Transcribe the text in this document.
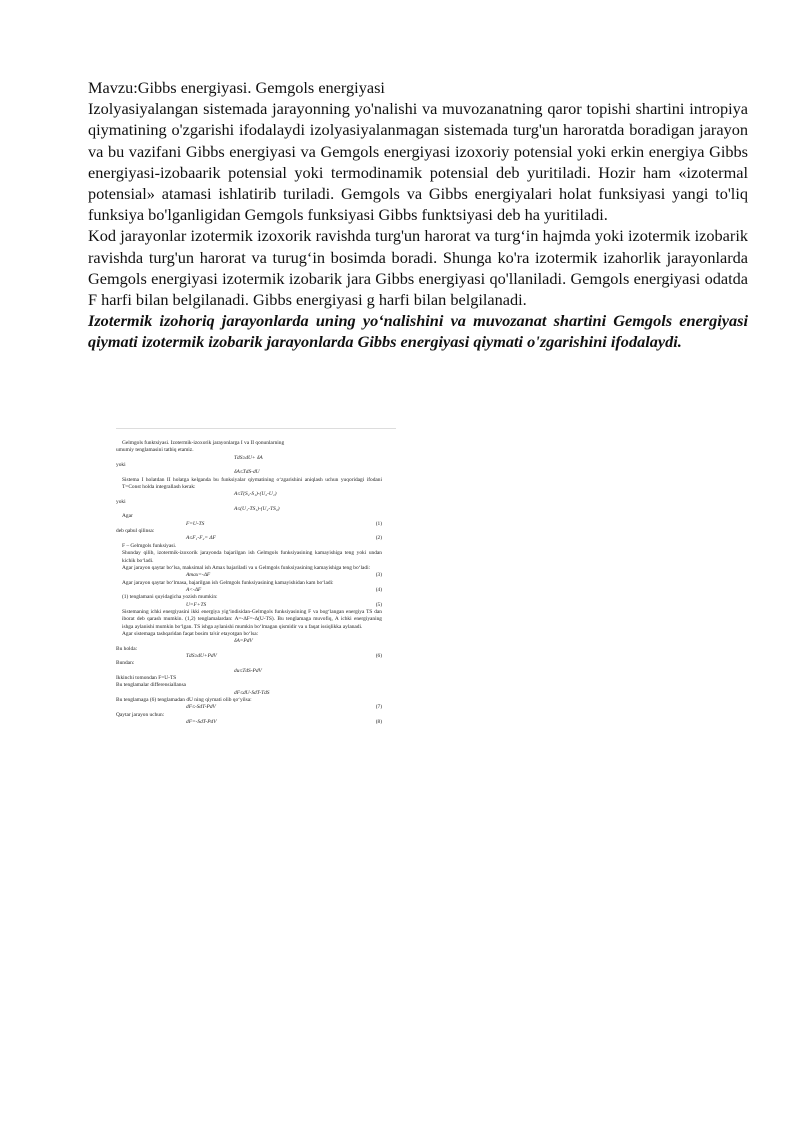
Mavzu:Gibbs energiyasi. Gemgols energiyasi

Izolyasiyalangan sistemada jarayonning yo'nalishi va muvozanatning qaror topishi shartini intropiya qiymatining o'zgarishi ifodalaydi izolyasiyalanmagan sistemada turg'un haroratda boradigan jarayon va bu vazifani Gibbs energiyasi va Gemgols energiyasi izoxoriy potensial yoki erkin energiya Gibbs energiyasi-izobaarik potensial yoki termodinamik potensial deb yuritiladi. Hozir ham «izotermal potensial» atamasi ishlatirib turiladi. Gemgols va Gibbs energiyalari holat funksiyasi yangi to'liq funksiya bo'lganligidan Gemgols funksiyasi Gibbs funktsiyasi deb ha yuritiladi.

Kod jarayonlar izotermik izoxorik ravishda turg'un harorat va turg‘in hajmda yoki izotermik izobarik ravishda turg'un harorat va turug‘in bosimda boradi. Shunga ko'ra izotermik izahorlik jarayonlarda Gemgols energiyasi izotermik izobarik jara Gibbs energiyasi qo'llaniladi. Gemgols energiyasi odatda F harfi bilan belgilanadi. Gibbs energiyasi g harfi bilan belgilanadi.

Izotermik izohoriq jarayonlarda uning yo‘nalishini va muvozanat shartini Gemgols energiyasi qiymati izotermik izobarik jarayonlarda Gibbs energiyasi qiymati o'zgarishini ifodalaydi.

Gelmgols funktsiyasi. Izotermik-izoxorik jarayonlarga I va II qonunlarning

umumiy tenglamasini tatbiq etamiz.

TdS≥dU+ δA

yoki

δA≤TdS-dU

Sistema I holatdan II holatga kelganda bu funksiyalar qiymatining o‘zgarishini aniqlash uchun yuqoridagi ifodani T=Const holda integrallash kerak:

A≤T(S₂-S₁)-(U₂-U₁)

yoki

A≤(U₁-TS₁)-(U₂-TS₂)

Agar

F=U-TS	(1)

deb qabul qilinsa:

A≤F₁-F₂= ΔF	(2)

F – Gelmgols funksiyasi.

Shunday qilib, izotermik-izoxorik jarayonda bajarilgan ish Gelmgols funksiyasining kamayishiga teng yoki undan kichik bo‘ladi.

Agar jarayon qaytar bo‘lsa, maksimal ish Amax bajariladi va u Gelmgols funksiyasining kamayishiga teng bo‘ladi:

Amax=-ΔF	(3)

Agar jarayon qaytar bo‘lmasa, bajarilgan ish Gelmgols funksiyasining kamayishidan kam bo‘ladi:

A<-ΔF	(4)

(1) tenglamani quyidagicha yozish mumkin:

U=F+TS	(5)

Sistemaning ichki energiyasini ikki energiya yig‘indisidan-Gelmgols funksiyasining F va bog‘langan energiya TS dan iborat deb qarash mumkin. (1,2) tenglamalardan: A=-ΔF=-Δ(U-TS). Bu tenglamaga muvofiq, A ichki energiyaning ishga aylanishi mumkin bo‘lgan. TS ishga aylanishi mumkin bo‘lmagan qismidir va u faqat issiqlikka aylanadi.

Agar sistemaga tashqaridan faqat bosim ta'sir etayotgan bo‘lsa:

δA=PdV

Bu holda:

TdS≥dU+PdV	(6)

Bundan:

du≤TdS-PdV

Ikkinchi tomondan F=U-TS

Bu tenglamalar differensiallansa

dF≤dU-SdT-TdS

Bu tenglamaga (6) tenglamadan dU ning qiymati olib qo‘yilsa:

dF≤-SdT-PdV	(7)

Qaytar jarayon uchun:

dF=-SdT-PdV	(8)
